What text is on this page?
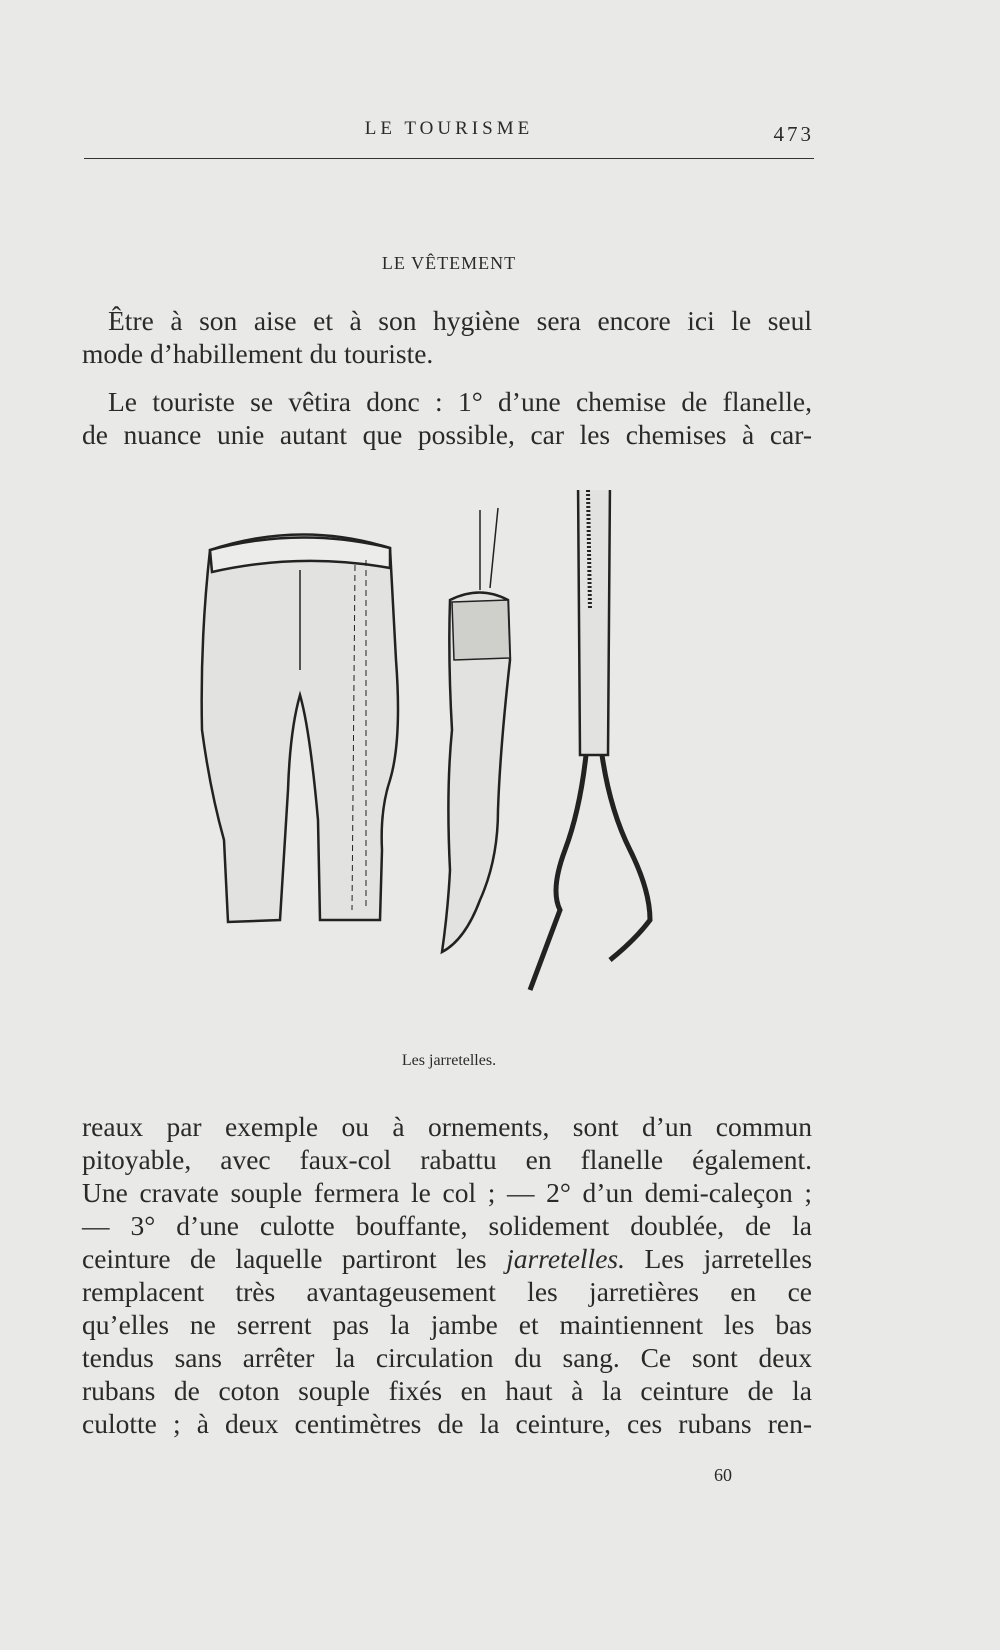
LE TOURISME	473
LE VÊTEMENT

Être à son aise et à son hygiène sera encore ici le seul
mode d’habillement du touriste.

Le touriste se vêtira donc : 1° d’une chemise de flanelle,
de nuance unie autant que possible, car les chemises à car-

Les jarretelles.

reaux par exemple ou à ornements, sont d’un commun
pitoyable, avec faux-col rabattu en flanelle également.
Une cravate souple fermera le col ; — 2° d’un demi-caleçon ;
— 3° d’une culotte bouffante, solidement doublée, de la
ceinture de laquelle partiront les jarretelles. Les jarretelles
remplacent très avantageusement les jarretières en ce
qu’elles ne serrent pas la jambe et maintiennent les bas
tendus sans arrêter la circulation du sang. Ce sont deux
rubans de coton souple fixés en haut à la ceinture de la
culotte ; à deux centimètres de la ceinture, ces rubans ren-

60
